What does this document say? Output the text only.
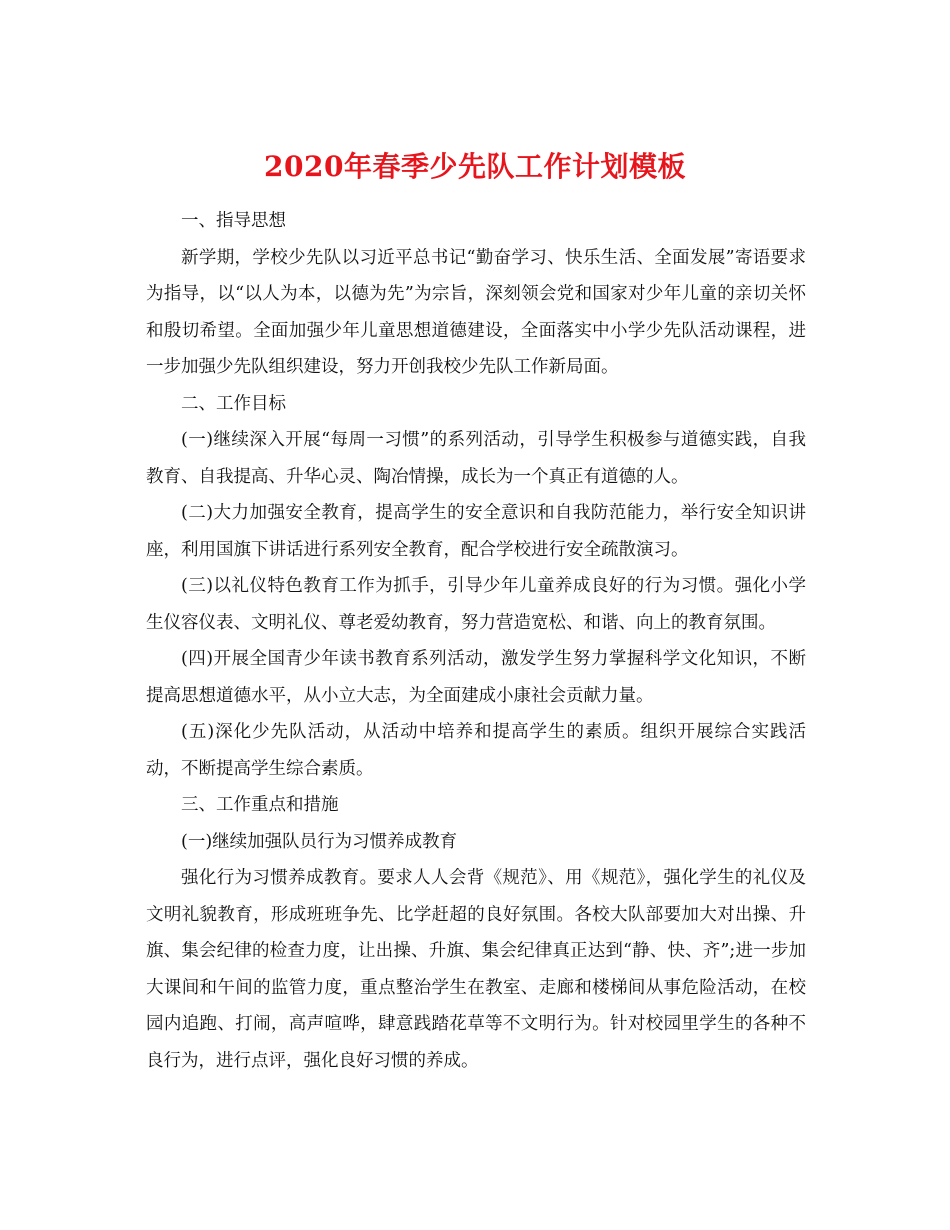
2020年春季少先队工作计划模板

一、指导思想

新学期，学校少先队以习近平总书记“勤奋学习、快乐生活、全面发展”寄语要求为指导，以“以人为本，以德为先”为宗旨，深刻领会党和国家对少年儿童的亲切关怀和殷切希望。全面加强少年儿童思想道德建设，全面落实中小学少先队活动课程，进一步加强少先队组织建设，努力开创我校少先队工作新局面。

二、工作目标

(一)继续深入开展“每周一习惯”的系列活动，引导学生积极参与道德实践，自我教育、自我提高、升华心灵、陶冶情操，成长为一个真正有道德的人。

(二)大力加强安全教育，提高学生的安全意识和自我防范能力，举行安全知识讲座，利用国旗下讲话进行系列安全教育，配合学校进行安全疏散演习。

(三)以礼仪特色教育工作为抓手，引导少年儿童养成良好的行为习惯。强化小学生仪容仪表、文明礼仪、尊老爱幼教育，努力营造宽松、和谐、向上的教育氛围。

(四)开展全国青少年读书教育系列活动，激发学生努力掌握科学文化知识，不断提高思想道德水平，从小立大志，为全面建成小康社会贡献力量。

(五)深化少先队活动，从活动中培养和提高学生的素质。组织开展综合实践活动，不断提高学生综合素质。

三、工作重点和措施

(一)继续加强队员行为习惯养成教育

强化行为习惯养成教育。要求人人会背《规范》、用《规范》，强化学生的礼仪及文明礼貌教育，形成班班争先、比学赶超的良好氛围。各校大队部要加大对出操、升旗、集会纪律的检查力度，让出操、升旗、集会纪律真正达到“静、快、齐”;进一步加大课间和午间的监管力度，重点整治学生在教室、走廊和楼梯间从事危险活动，在校园内追跑、打闹，高声喧哗，肆意践踏花草等不文明行为。针对校园里学生的各种不良行为，进行点评，强化良好习惯的养成。
